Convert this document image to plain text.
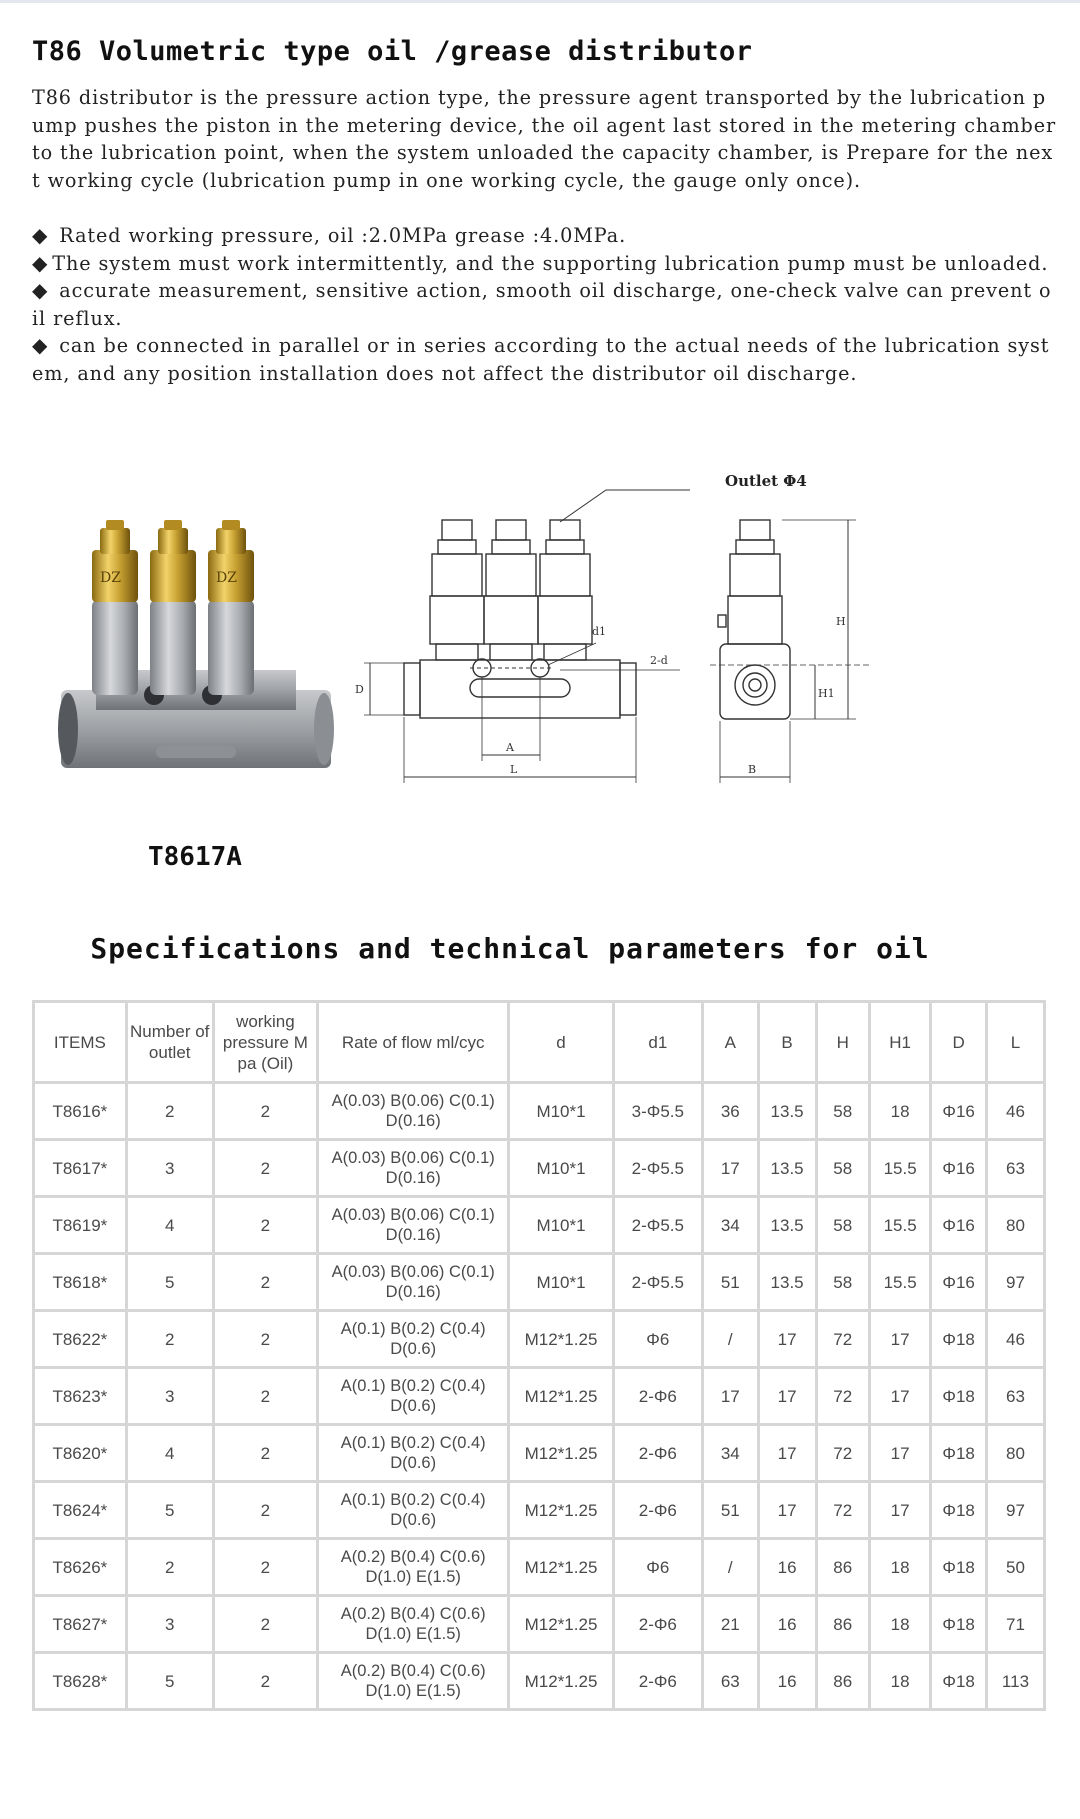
T86 Volumetric type oil /grease distributor

T86 distributor is the pressure action type, the pressure agent transported by the lubrication pump pushes the piston in the metering device, the oil agent last stored in the metering chamber to the lubrication point, when the system unloaded the capacity chamber, is Prepare for the next working cycle (lubrication pump in one working cycle, the gauge only once).

◆ Rated working pressure, oil :2.0MPa grease :4.0MPa.
◆ The system must work intermittently, and the supporting lubrication pump must be unloaded.
◆ accurate measurement, sensitive action, smooth oil discharge, one-check valve can prevent oil reflux.
◆ can be connected in parallel or in series according to the actual needs of the lubrication system, and any position installation does not affect the distributor oil discharge.
DZ	DZ
T8617A
Outlet Φ4
D
A
L
d1
2-d
B
H
H1
Specifications and technical parameters for oil
ITEMS	Number of outlet	working pressure M pa (Oil)	Rate of flow ml/cyc	d	d1	A	B	H	H1	D	L
T8616*	2	2	A(0.03) B(0.06) C(0.1) D(0.16)	M10*1	3-Φ5.5	36	13.5	58	18	Φ16	46
T8617*	3	2	A(0.03) B(0.06) C(0.1) D(0.16)	M10*1	2-Φ5.5	17	13.5	58	15.5	Φ16	63
T8619*	4	2	A(0.03) B(0.06) C(0.1) D(0.16)	M10*1	2-Φ5.5	34	13.5	58	15.5	Φ16	80
T8618*	5	2	A(0.03) B(0.06) C(0.1) D(0.16)	M10*1	2-Φ5.5	51	13.5	58	15.5	Φ16	97
T8622*	2	2	A(0.1) B(0.2) C(0.4) D(0.6)	M12*1.25	Φ6	/	17	72	17	Φ18	46
T8623*	3	2	A(0.1) B(0.2) C(0.4) D(0.6)	M12*1.25	2-Φ6	17	17	72	17	Φ18	63
T8620*	4	2	A(0.1) B(0.2) C(0.4) D(0.6)	M12*1.25	2-Φ6	34	17	72	17	Φ18	80
T8624*	5	2	A(0.1) B(0.2) C(0.4) D(0.6)	M12*1.25	2-Φ6	51	17	72	17	Φ18	97
T8626*	2	2	A(0.2) B(0.4) C(0.6) D(1.0) E(1.5)	M12*1.25	Φ6	/	16	86	18	Φ18	50
T8627*	3	2	A(0.2) B(0.4) C(0.6) D(1.0) E(1.5)	M12*1.25	2-Φ6	21	16	86	18	Φ18	71
T8628*	5	2	A(0.2) B(0.4) C(0.6) D(1.0) E(1.5)	M12*1.25	2-Φ6	63	16	86	18	Φ18	113
